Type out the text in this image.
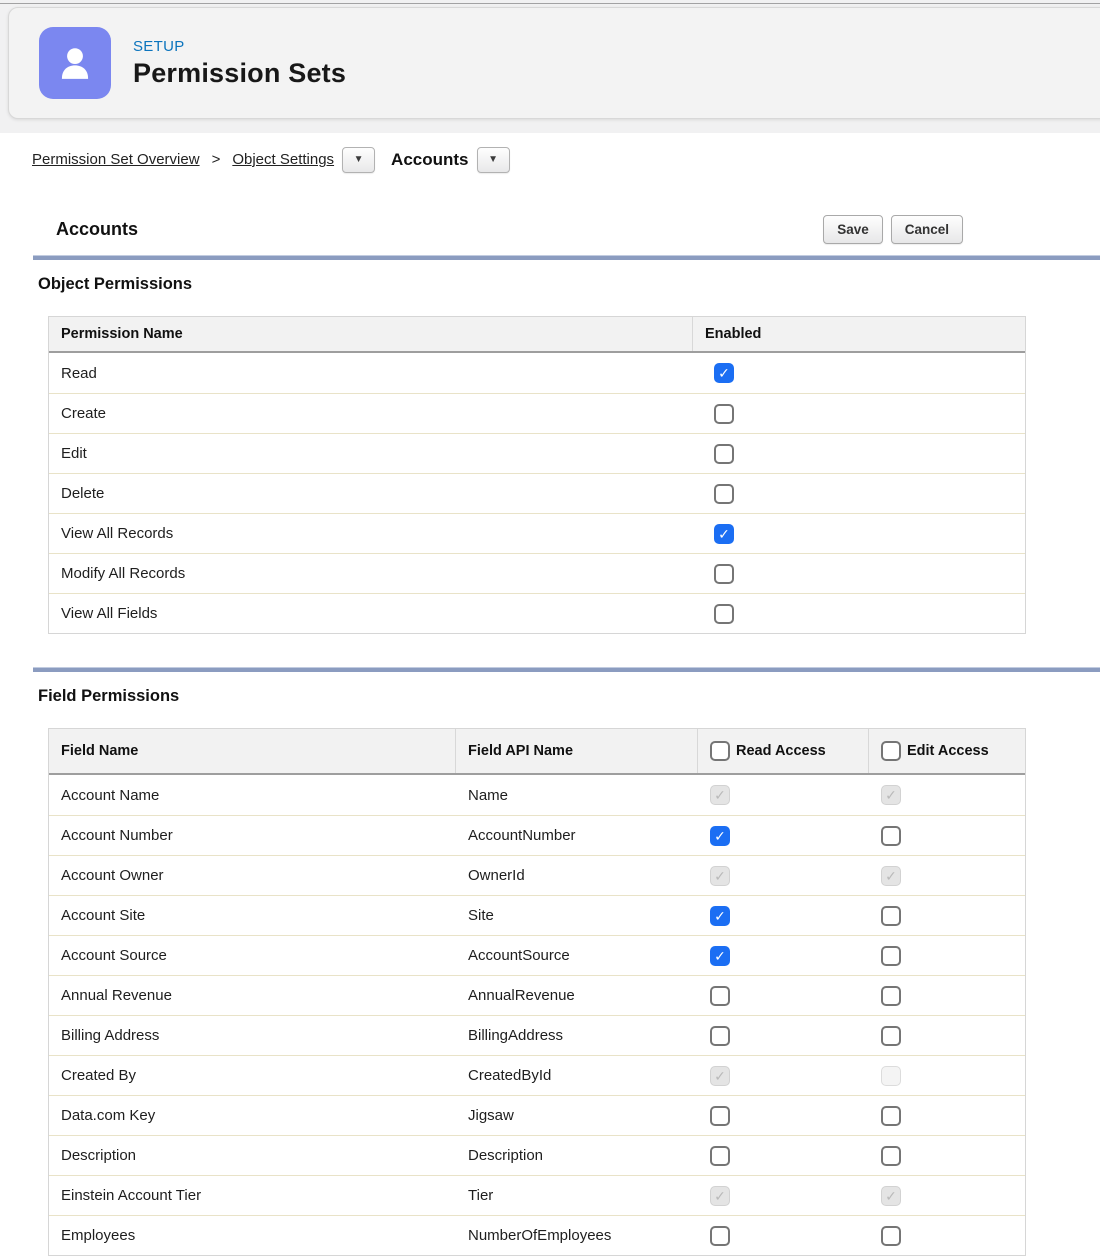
SETUP
Permission Sets
Permission Set Overview > Object Settings ▼ Accounts ▼
Accounts	Save	Cancel
Object Permissions
Permission Name	Enabled
Read	✓
Create
Edit
Delete
View All Records	✓
Modify All Records
View All Fields
Field Permissions
Field Name	Field API Name	Read Access	Edit Access
Account Name	Name	✓	✓
Account Number	AccountNumber	✓
Account Owner	OwnerId	✓	✓
Account Site	Site	✓
Account Source	AccountSource	✓
Annual Revenue	AnnualRevenue
Billing Address	BillingAddress
Created By	CreatedById	✓
Data.com Key	Jigsaw
Description	Description
Einstein Account Tier	Tier	✓	✓
Employees	NumberOfEmployees
